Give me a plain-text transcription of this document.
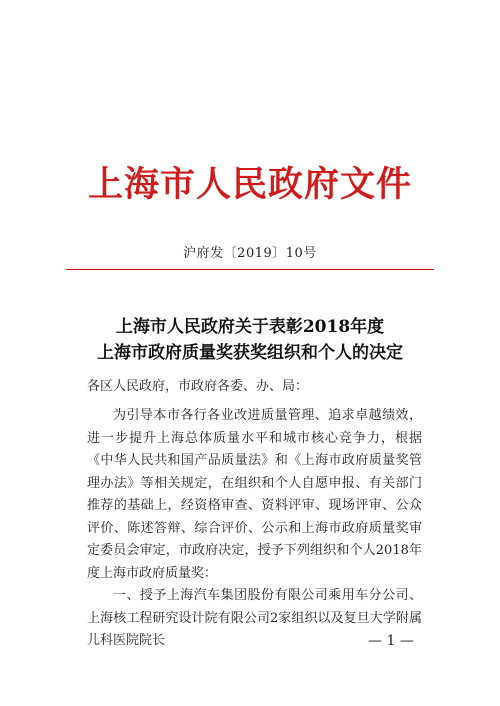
上海市人民政府文件
沪府发〔2019〕10号
上海市人民政府关于表彰2018年度
上海市政府质量奖获奖组织和个人的决定
各区人民政府，市政府各委、办、局：

为引导本市各行各业改进质量管理、追求卓越绩效，进一步提升上海总体质量水平和城市核心竞争力，根据《中华人民共和国产品质量法》和《上海市政府质量奖管理办法》等相关规定，在组织和个人自愿申报、有关部门推荐的基础上，经资格审查、资料评审、现场评审、公众评价、陈述答辩、综合评价、公示和上海市政府质量奖审定委员会审定，市政府决定，授予下列组织和个人2018年度上海市政府质量奖：

一、授予上海汽车集团股份有限公司乘用车分公司、上海核工程研究设计院有限公司2家组织以及复旦大学附属儿科医院院长	— 1 —
